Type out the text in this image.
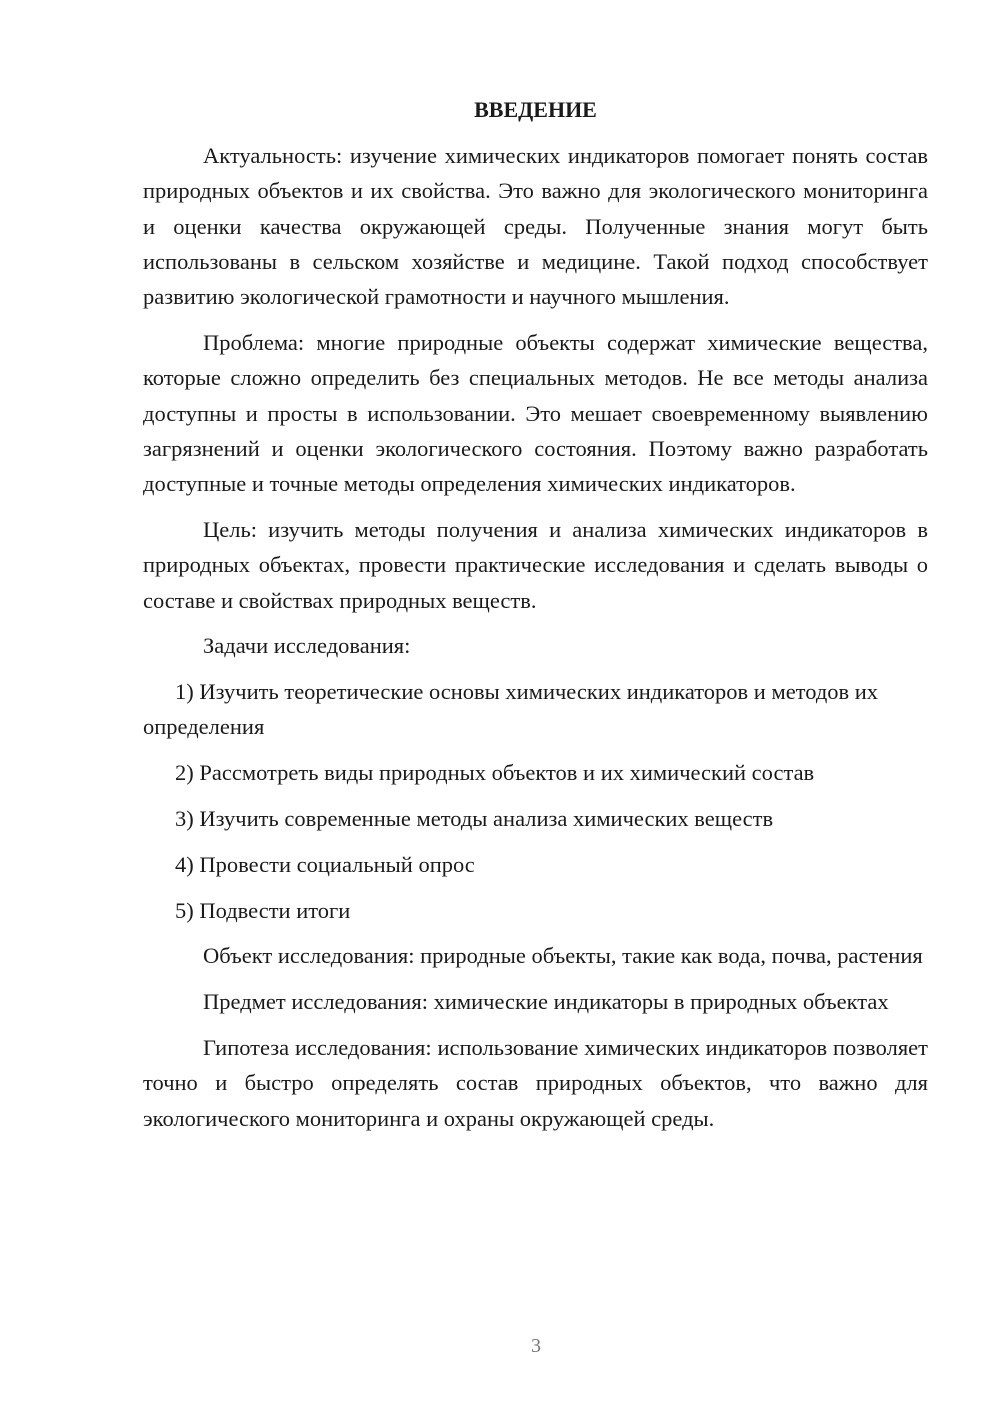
ВВЕДЕНИЕ

Актуальность: изучение химических индикаторов помогает понять состав природных объектов и их свойства. Это важно для экологического мониторинга и оценки качества окружающей среды. Полученные знания могут быть использованы в сельском хозяйстве и медицине. Такой подход способствует развитию экологической грамотности и научного мышления.

Проблема: многие природные объекты содержат химические вещества, которые сложно определить без специальных методов. Не все методы анализа доступны и просты в использовании. Это мешает своевременному выявлению загрязнений и оценки экологического состояния. Поэтому важно разработать доступные и точные методы определения химических индикаторов.

Цель: изучить методы получения и анализа химических индикаторов в природных объектах, провести практические исследования и сделать выводы о составе и свойствах природных веществ.

Задачи исследования:

1) Изучить теоретические основы химических индикаторов и методов их определения

2) Рассмотреть виды природных объектов и их химический состав

3) Изучить современные методы анализа химических веществ

4) Провести социальный опрос

5) Подвести итоги

Объект исследования: природные объекты, такие как вода, почва, растения

Предмет исследования: химические индикаторы в природных объектах

Гипотеза исследования: использование химических индикаторов позволяет точно и быстро определять состав природных объектов, что важно для экологического мониторинга и охраны окружающей среды.

3
